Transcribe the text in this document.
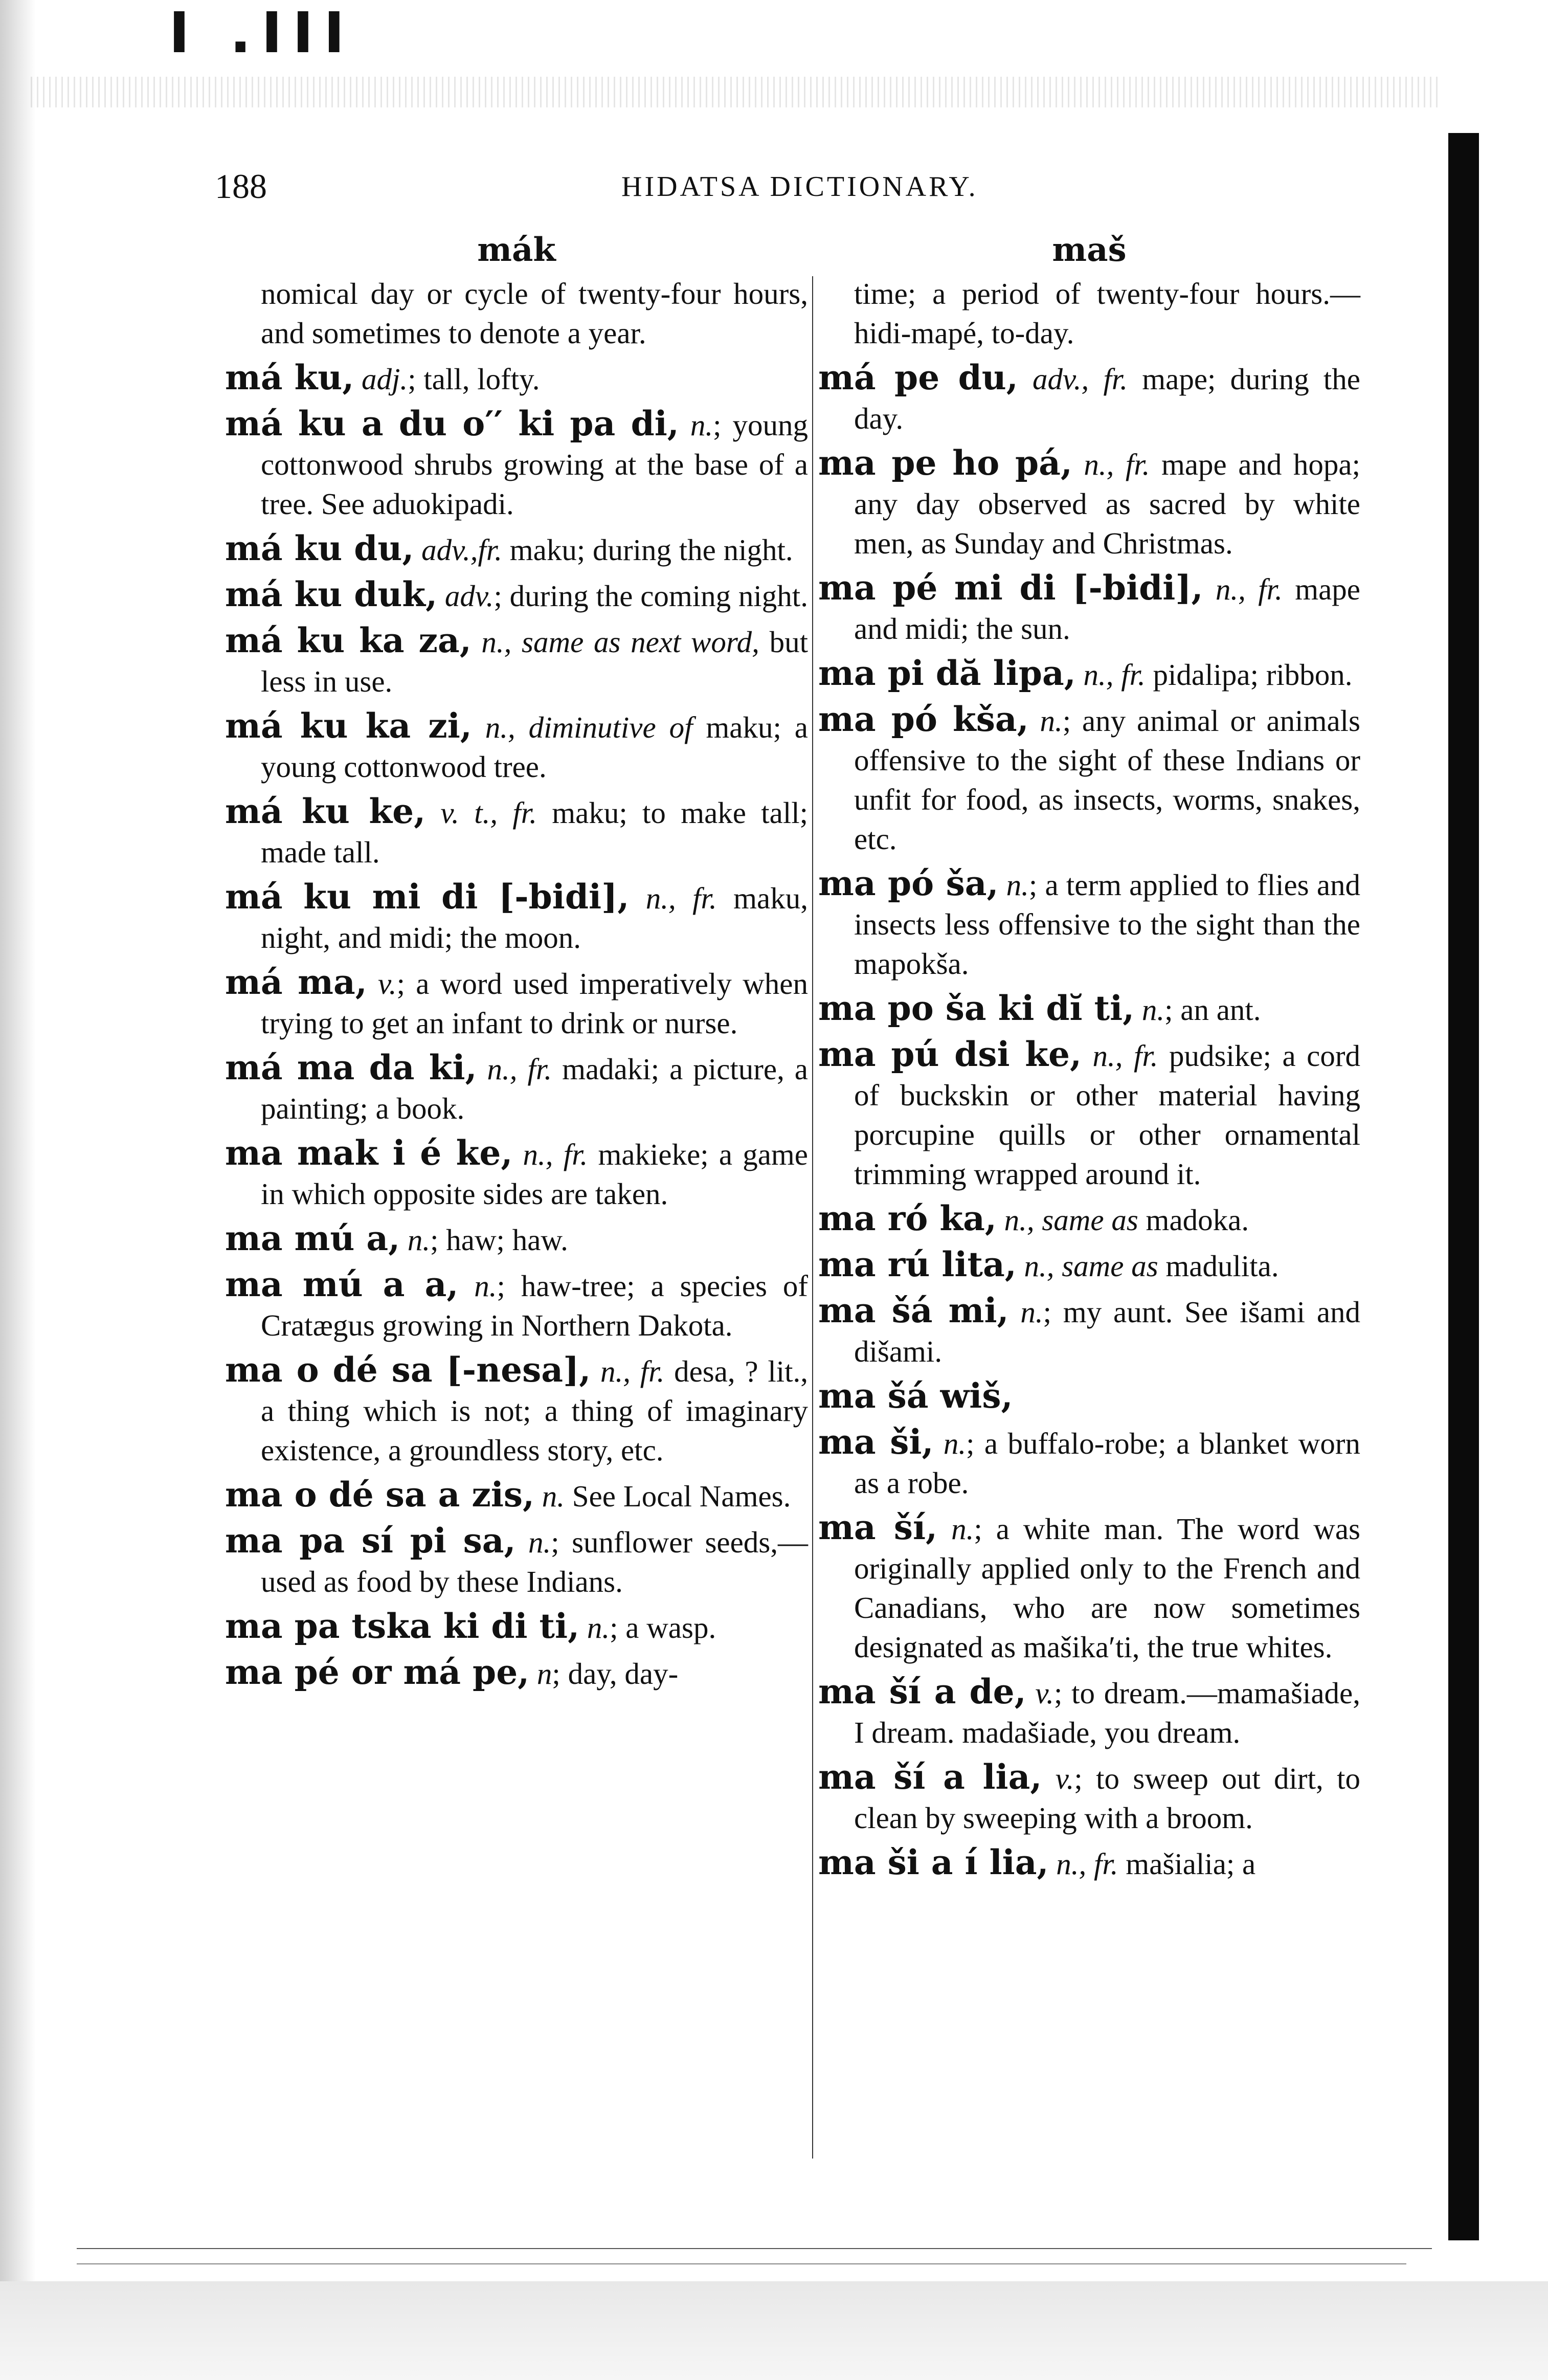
I .III
188	HIDATSA DICTIONARY.
mák

nomical day or cycle of twenty-four hours, and sometimes to denote a year.

má ku, adj.; tall, lofty.

má ku a du o′′ ki pa di, n.; young cottonwood shrubs growing at the base of a tree. See aduokipadi.

má ku du, adv.,fr. maku; during the night.

má ku duk, adv.; during the coming night.

má ku ka za, n., same as next word, but less in use.

má ku ka zi, n., diminutive of maku; a young cottonwood tree.

má ku ke, v. t., fr. maku; to make tall; made tall.

má ku mi di [-bidi], n., fr. maku, night, and midi; the moon.

má ma, v.; a word used imperatively when trying to get an infant to drink or nurse.

má ma da ki, n., fr. madaki; a picture, a painting; a book.

ma mak i é ke, n., fr. makieke; a game in which opposite sides are taken.

ma mú a, n.; haw; haw.

ma mú a a, n.; haw-tree; a species of Cratægus growing in Northern Dakota.

ma o dé sa [-nesa], n., fr. desa, ? lit., a thing which is not; a thing of imaginary existence, a groundless story, etc.

ma o dé sa a zis, n. See Local Names.

ma pa sí pi sa, n.; sunflower seeds,—used as food by these Indians.

ma pa tska ki di ti, n.; a wasp.

ma pé or má pe, n; day, day-

maš

time; a period of twenty-four hours.—hidi-mapé, to-day.

má pe du, adv., fr. mape; during the day.

ma pe ho pá, n., fr. mape and hopa; any day observed as sacred by white men, as Sunday and Christmas.

ma pé mi di [-bidi], n., fr. mape and midi; the sun.

ma pi dă lipa, n., fr. pidalipa; ribbon.

ma pó kša, n.; any animal or animals offensive to the sight of these Indians or unfit for food, as insects, worms, snakes, etc.

ma pó ša, n.; a term applied to flies and insects less offensive to the sight than the mapokša.

ma po ša ki dĭ ti, n.; an ant.

ma pú dsi ke, n., fr. pudsike; a cord of buckskin or other material having porcupine quills or other ornamental trimming wrapped around it.

ma ró ka, n., same as madoka.

ma rú lita, n., same as madulita.

ma šá mi, n.; my aunt. See išami and dišami.

ma šá wiš,

ma ši, n.; a buffalo-robe; a blanket worn as a robe.

ma ší, n.; a white man. The word was originally applied only to the French and Canadians, who are now sometimes designated as mašika′ti, the true whites.

ma ší a de, v.; to dream.—mamašiade, I dream. madašiade, you dream.

ma ší a lia, v.; to sweep out dirt, to clean by sweeping with a broom.

ma ši a í lia, n., fr. mašialia; a
